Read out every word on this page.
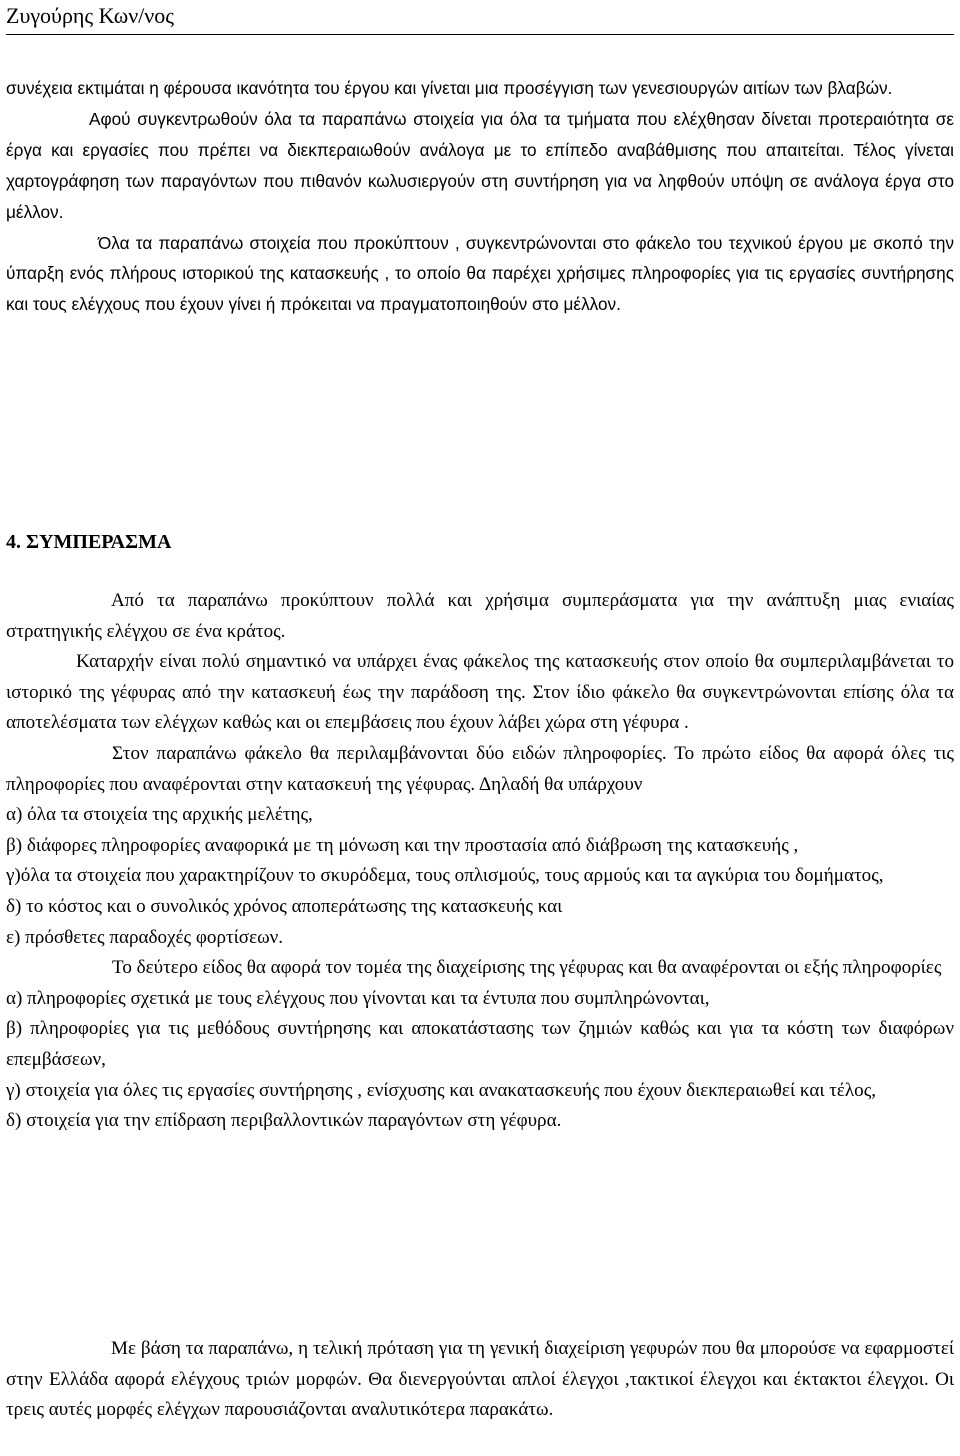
Ζυγούρης Κων/νος

συνέχεια εκτιμάται η φέρουσα ικανότητα του έργου και γίνεται μια προσέγγιση των γενεσιουργών αιτίων των βλαβών.

Αφού συγκεντρωθούν όλα τα παραπάνω στοιχεία για όλα τα τμήματα που ελέχθησαν δίνεται προτεραιότητα σε έργα και εργασίες που πρέπει να διεκπεραιωθούν ανάλογα με το επίπεδο αναβάθμισης που απαιτείται. Τέλος γίνεται χαρτογράφηση των παραγόντων που πιθανόν κωλυσιεργούν στη συντήρηση για να ληφθούν υπόψη σε ανάλογα έργα στο μέλλον.

Όλα τα παραπάνω στοιχεία που προκύπτουν , συγκεντρώνονται στο φάκελο του τεχνικού έργου με σκοπό την ύπαρξη ενός πλήρους ιστορικού της κατασκευής , το οποίο θα παρέχει χρήσιμες πληροφορίες για τις εργασίες συντήρησης και τους ελέγχους που έχουν γίνει ή πρόκειται να πραγματοποιηθούν στο μέλλον.

4. ΣΥΜΠΕΡΑΣΜΑ

Από τα παραπάνω προκύπτουν πολλά και χρήσιμα συμπεράσματα για την ανάπτυξη μιας ενιαίας στρατηγικής ελέγχου σε ένα κράτος.

Καταρχήν είναι πολύ σημαντικό να υπάρχει ένας φάκελος της κατασκευής στον οποίο θα συμπεριλαμβάνεται το ιστορικό της γέφυρας από την κατασκευή έως την παράδοση της. Στον ίδιο φάκελο θα συγκεντρώνονται επίσης όλα τα αποτελέσματα των ελέγχων καθώς και οι επεμβάσεις που έχουν λάβει χώρα στη γέφυρα .

Στον παραπάνω φάκελο θα περιλαμβάνονται δύο ειδών πληροφορίες. Το πρώτο είδος θα αφορά όλες τις πληροφορίες που αναφέρονται στην κατασκευή της γέφυρας. Δηλαδή θα υπάρχουν

α) όλα τα στοιχεία της αρχικής μελέτης,

β) διάφορες πληροφορίες αναφορικά με τη μόνωση και την προστασία από διάβρωση της κατασκευής ,

γ)όλα τα στοιχεία που χαρακτηρίζουν το σκυρόδεμα, τους οπλισμούς, τους αρμούς και τα αγκύρια του δομήματος,

δ) το κόστος και ο συνολικός χρόνος αποπεράτωσης της κατασκευής και

ε) πρόσθετες παραδοχές φορτίσεων.

Το δεύτερο είδος θα αφορά τον τομέα της διαχείρισης της γέφυρας και θα αναφέρονται οι εξής πληροφορίες

α) πληροφορίες σχετικά με τους ελέγχους που γίνονται και τα έντυπα που συμπληρώνονται,

β) πληροφορίες για τις μεθόδους συντήρησης και αποκατάστασης των ζημιών καθώς και για τα κόστη των διαφόρων επεμβάσεων,

γ) στοιχεία για όλες τις εργασίες συντήρησης , ενίσχυσης και ανακατασκευής που έχουν διεκπεραιωθεί και τέλος,

δ) στοιχεία για την επίδραση περιβαλλοντικών παραγόντων στη γέφυρα.

Με βάση τα παραπάνω, η τελική πρόταση για τη γενική διαχείριση γεφυρών που θα μπορούσε να εφαρμοστεί στην Ελλάδα αφορά ελέγχους τριών μορφών. Θα διενεργούνται απλοί έλεγχοι ,τακτικοί έλεγχοι και έκτακτοι έλεγχοι. Οι τρεις αυτές μορφές ελέγχων παρουσιάζονται αναλυτικότερα παρακάτω.
